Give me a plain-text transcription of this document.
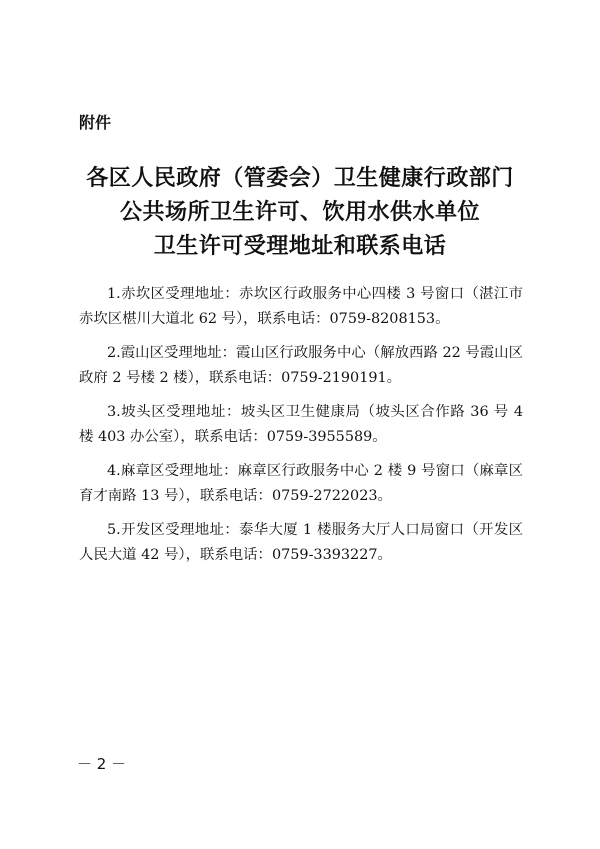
附件
各区人民政府（管委会）卫生健康行政部门
公共场所卫生许可、饮用水供水单位
卫生许可受理地址和联系电话
1.赤坎区受理地址：赤坎区行政服务中心四楼 3 号窗口（湛江市赤坎区椹川大道北 62 号），联系电话：0759-8208153。
2.霞山区受理地址：霞山区行政服务中心（解放西路 22 号霞山区政府 2 号楼 2 楼），联系电话：0759-2190191。
3.坡头区受理地址：坡头区卫生健康局（坡头区合作路 36 号 4 楼 403 办公室），联系电话：0759-3955589。
4.麻章区受理地址：麻章区行政服务中心 2 楼 9 号窗口（麻章区育才南路 13 号），联系电话：0759-2722023。
5.开发区受理地址：泰华大厦 1 楼服务大厅人口局窗口（开发区人民大道 42 号），联系电话：0759-3393227。
－ 2 －
